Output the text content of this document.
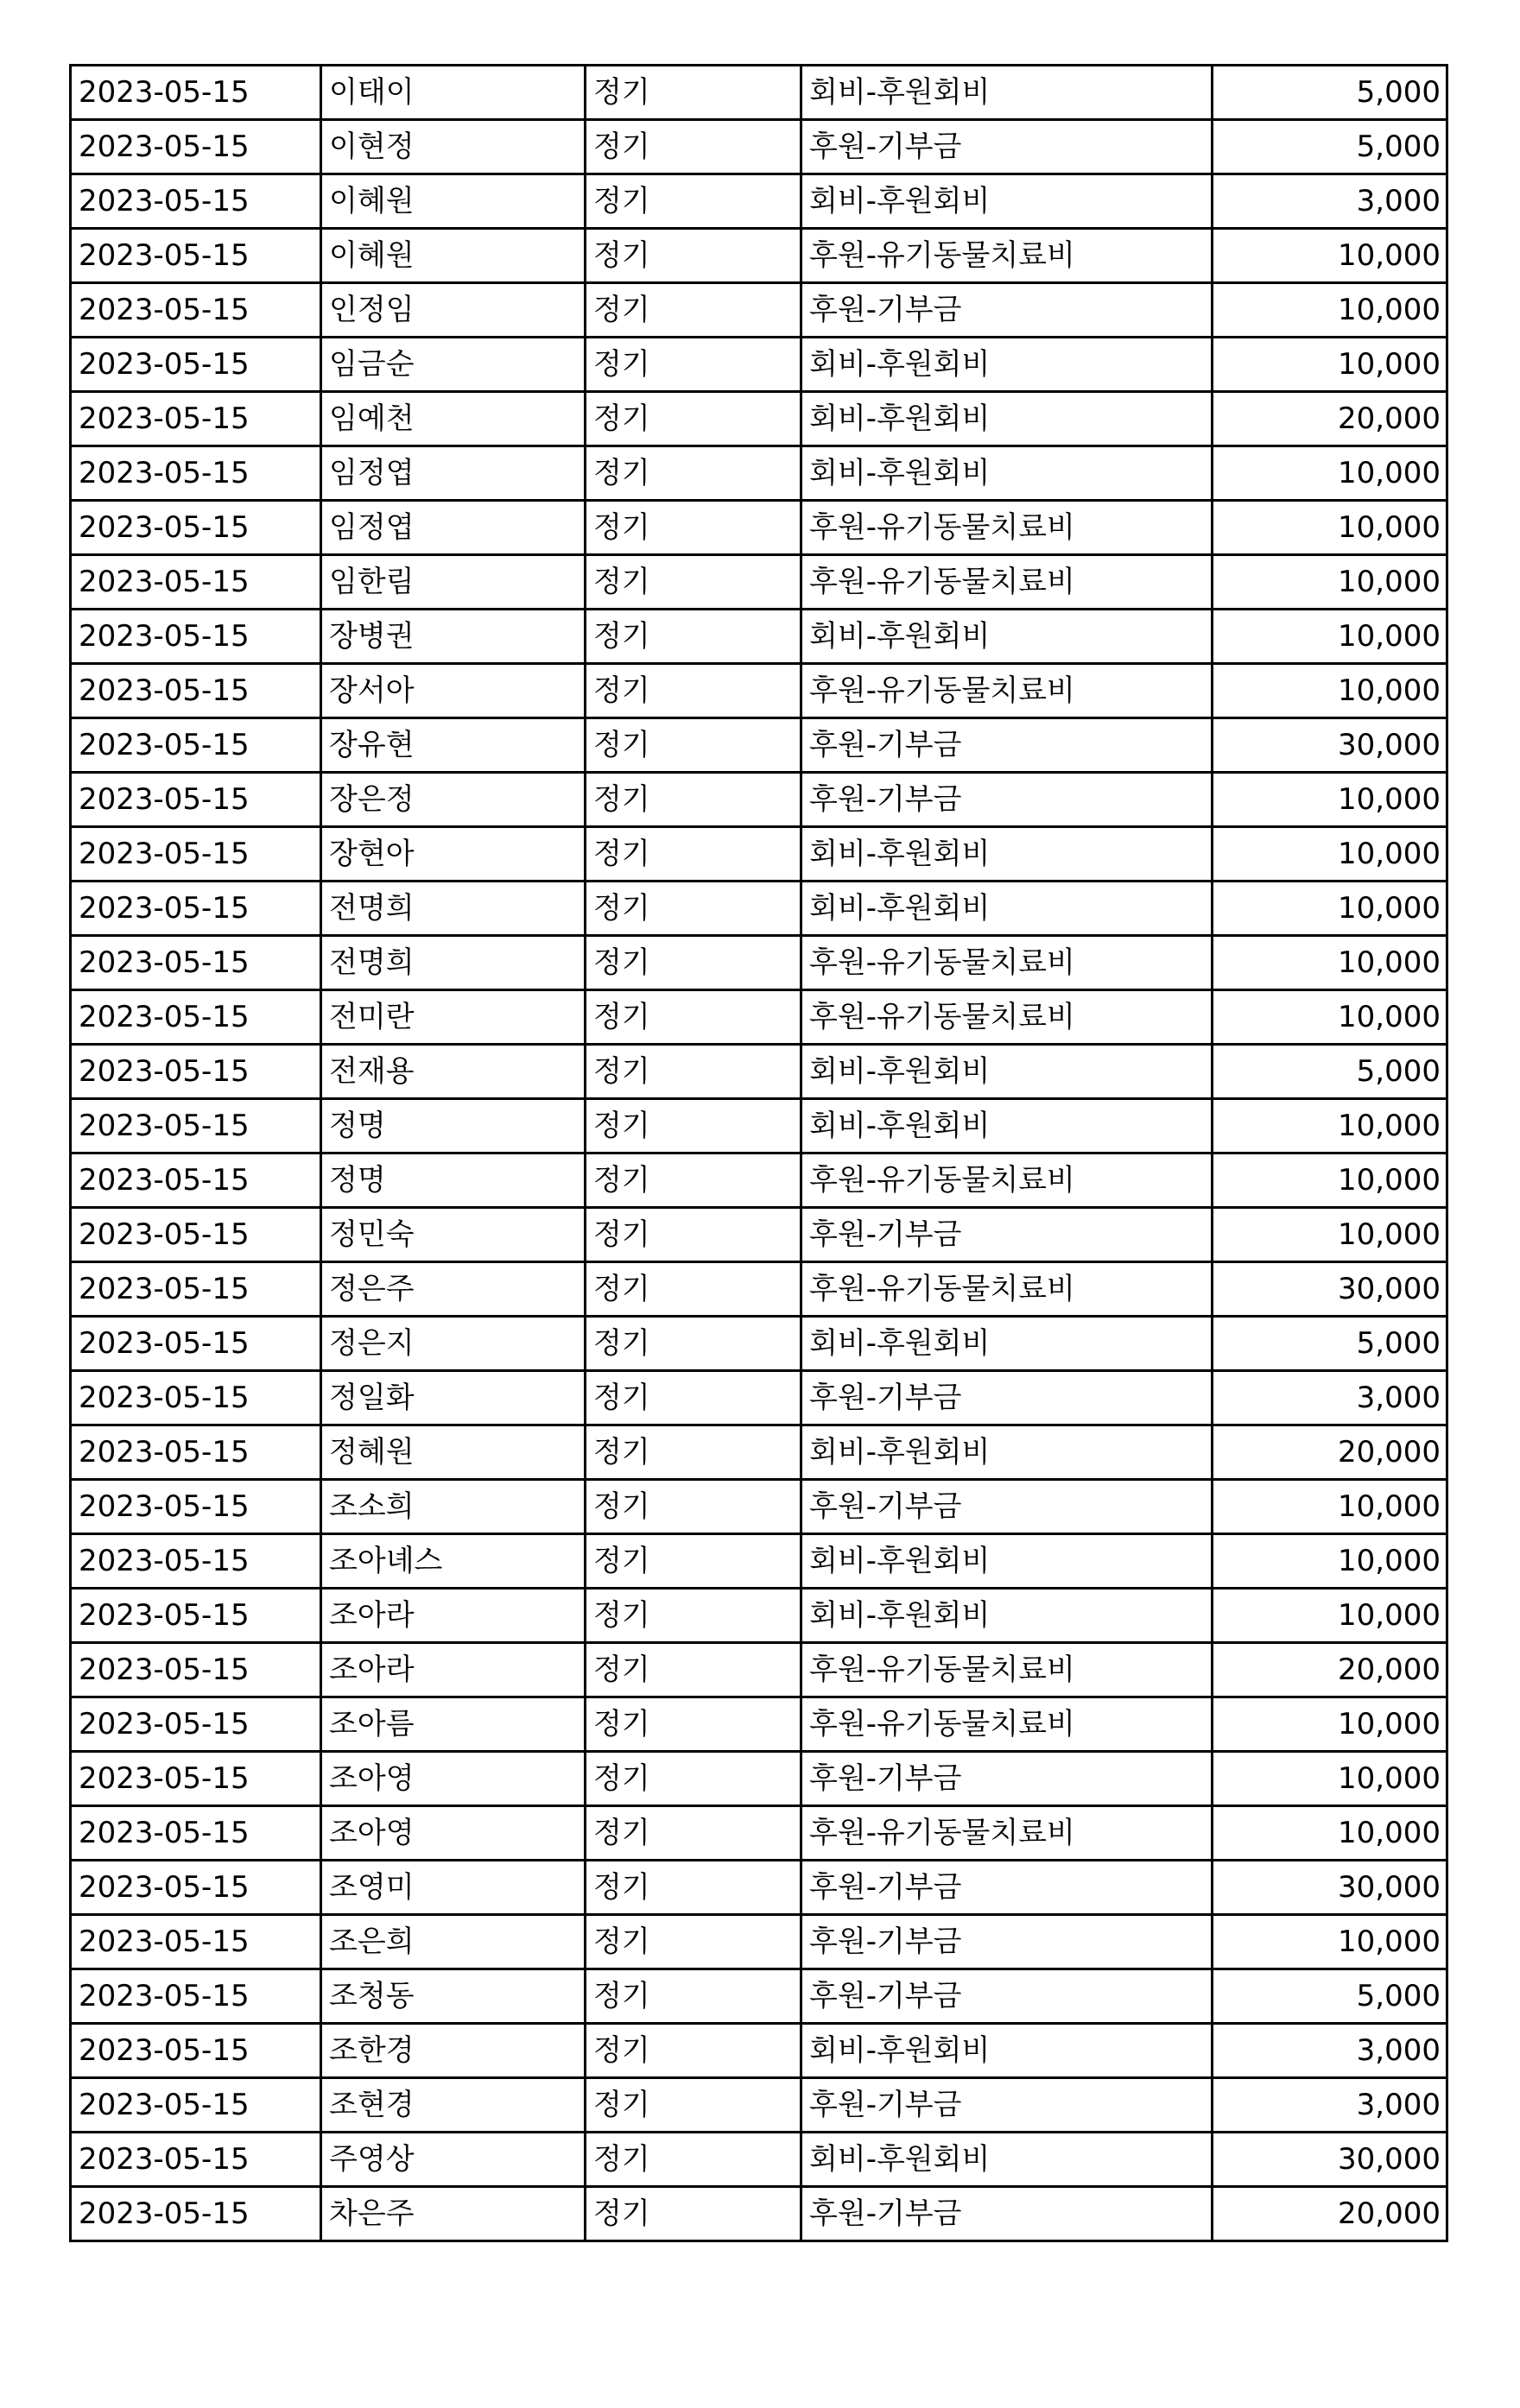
2023-05-15	이태이	정기	회비-후원회비	5,000
2023-05-15	이현정	정기	후원-기부금	5,000
2023-05-15	이혜원	정기	회비-후원회비	3,000
2023-05-15	이혜원	정기	후원-유기동물치료비	10,000
2023-05-15	인정임	정기	후원-기부금	10,000
2023-05-15	임금순	정기	회비-후원회비	10,000
2023-05-15	임예천	정기	회비-후원회비	20,000
2023-05-15	임정엽	정기	회비-후원회비	10,000
2023-05-15	임정엽	정기	후원-유기동물치료비	10,000
2023-05-15	임한림	정기	후원-유기동물치료비	10,000
2023-05-15	장병권	정기	회비-후원회비	10,000
2023-05-15	장서아	정기	후원-유기동물치료비	10,000
2023-05-15	장유현	정기	후원-기부금	30,000
2023-05-15	장은정	정기	후원-기부금	10,000
2023-05-15	장현아	정기	회비-후원회비	10,000
2023-05-15	전명희	정기	회비-후원회비	10,000
2023-05-15	전명희	정기	후원-유기동물치료비	10,000
2023-05-15	전미란	정기	후원-유기동물치료비	10,000
2023-05-15	전재용	정기	회비-후원회비	5,000
2023-05-15	정명	정기	회비-후원회비	10,000
2023-05-15	정명	정기	후원-유기동물치료비	10,000
2023-05-15	정민숙	정기	후원-기부금	10,000
2023-05-15	정은주	정기	후원-유기동물치료비	30,000
2023-05-15	정은지	정기	회비-후원회비	5,000
2023-05-15	정일화	정기	후원-기부금	3,000
2023-05-15	정혜원	정기	회비-후원회비	20,000
2023-05-15	조소희	정기	후원-기부금	10,000
2023-05-15	조아녜스	정기	회비-후원회비	10,000
2023-05-15	조아라	정기	회비-후원회비	10,000
2023-05-15	조아라	정기	후원-유기동물치료비	20,000
2023-05-15	조아름	정기	후원-유기동물치료비	10,000
2023-05-15	조아영	정기	후원-기부금	10,000
2023-05-15	조아영	정기	후원-유기동물치료비	10,000
2023-05-15	조영미	정기	후원-기부금	30,000
2023-05-15	조은희	정기	후원-기부금	10,000
2023-05-15	조청동	정기	후원-기부금	5,000
2023-05-15	조한경	정기	회비-후원회비	3,000
2023-05-15	조현경	정기	후원-기부금	3,000
2023-05-15	주영상	정기	회비-후원회비	30,000
2023-05-15	차은주	정기	후원-기부금	20,000
